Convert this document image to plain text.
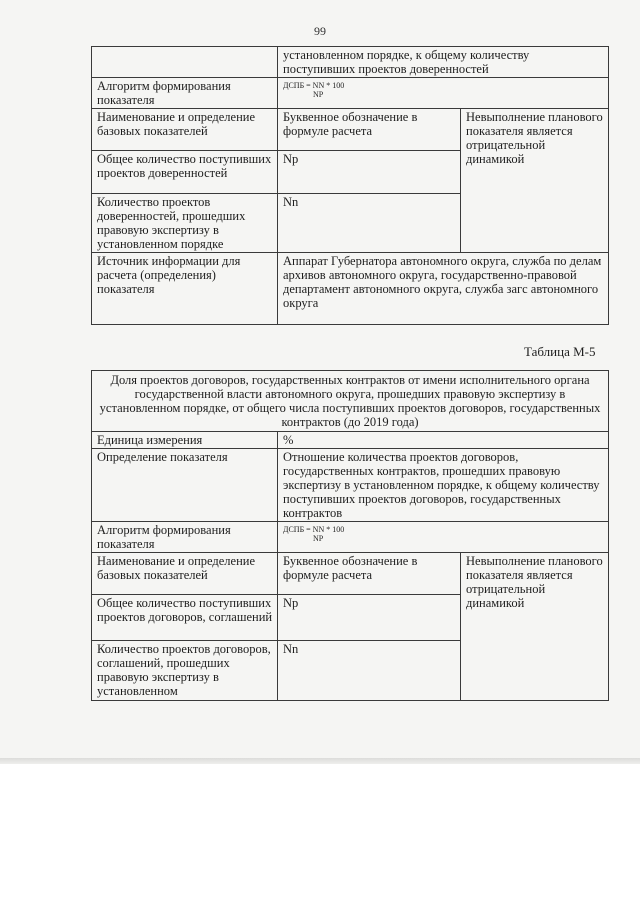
99
	установленном порядке, к общему количеству поступивших проектов доверенностей	
Алгоритм формирования показателя	ДСПБ = NN * 100
NP	

Наименование и определение базовых показателей	Буквенное обозначение в формуле расчета	Невыполнение планового показателя является отрицательной динамикой
Общее количество поступивших проектов доверенностей	Np	
Количество проектов доверенностей, прошедших правовую экспертизу в установленном порядке	Nn	
Источник информации для расчета (определения) показателя	Аппарат Губернатора автономного округа, служба по делам архивов автономного округа, государственно-правовой департамент автономного округа, служба загс автономного округа	
Таблица М-5
Доля проектов договоров, государственных контрактов от имени исполнительного органа государственной власти автономного округа, прошедших правовую экспертизу в установленном порядке, от общего числа поступивших проектов договоров, государственных контрактов (до 2019 года)		
Единица измерения	%	
Определение показателя	Отношение количества проектов договоров, государственных контрактов, прошедших правовую экспертизу в установленном порядке, к общему количеству поступивших проектов договоров, государственных контрактов	
Алгоритм формирования показателя	ДСПБ = NN * 100
NP	

Наименование и определение базовых показателей	Буквенное обозначение в формуле расчета	Невыполнение планового показателя является отрицательной динамикой
Общее количество поступивших проектов договоров, соглашений	Np	
Количество проектов договоров, соглашений, прошедших правовую экспертизу в установленном	Nn	
